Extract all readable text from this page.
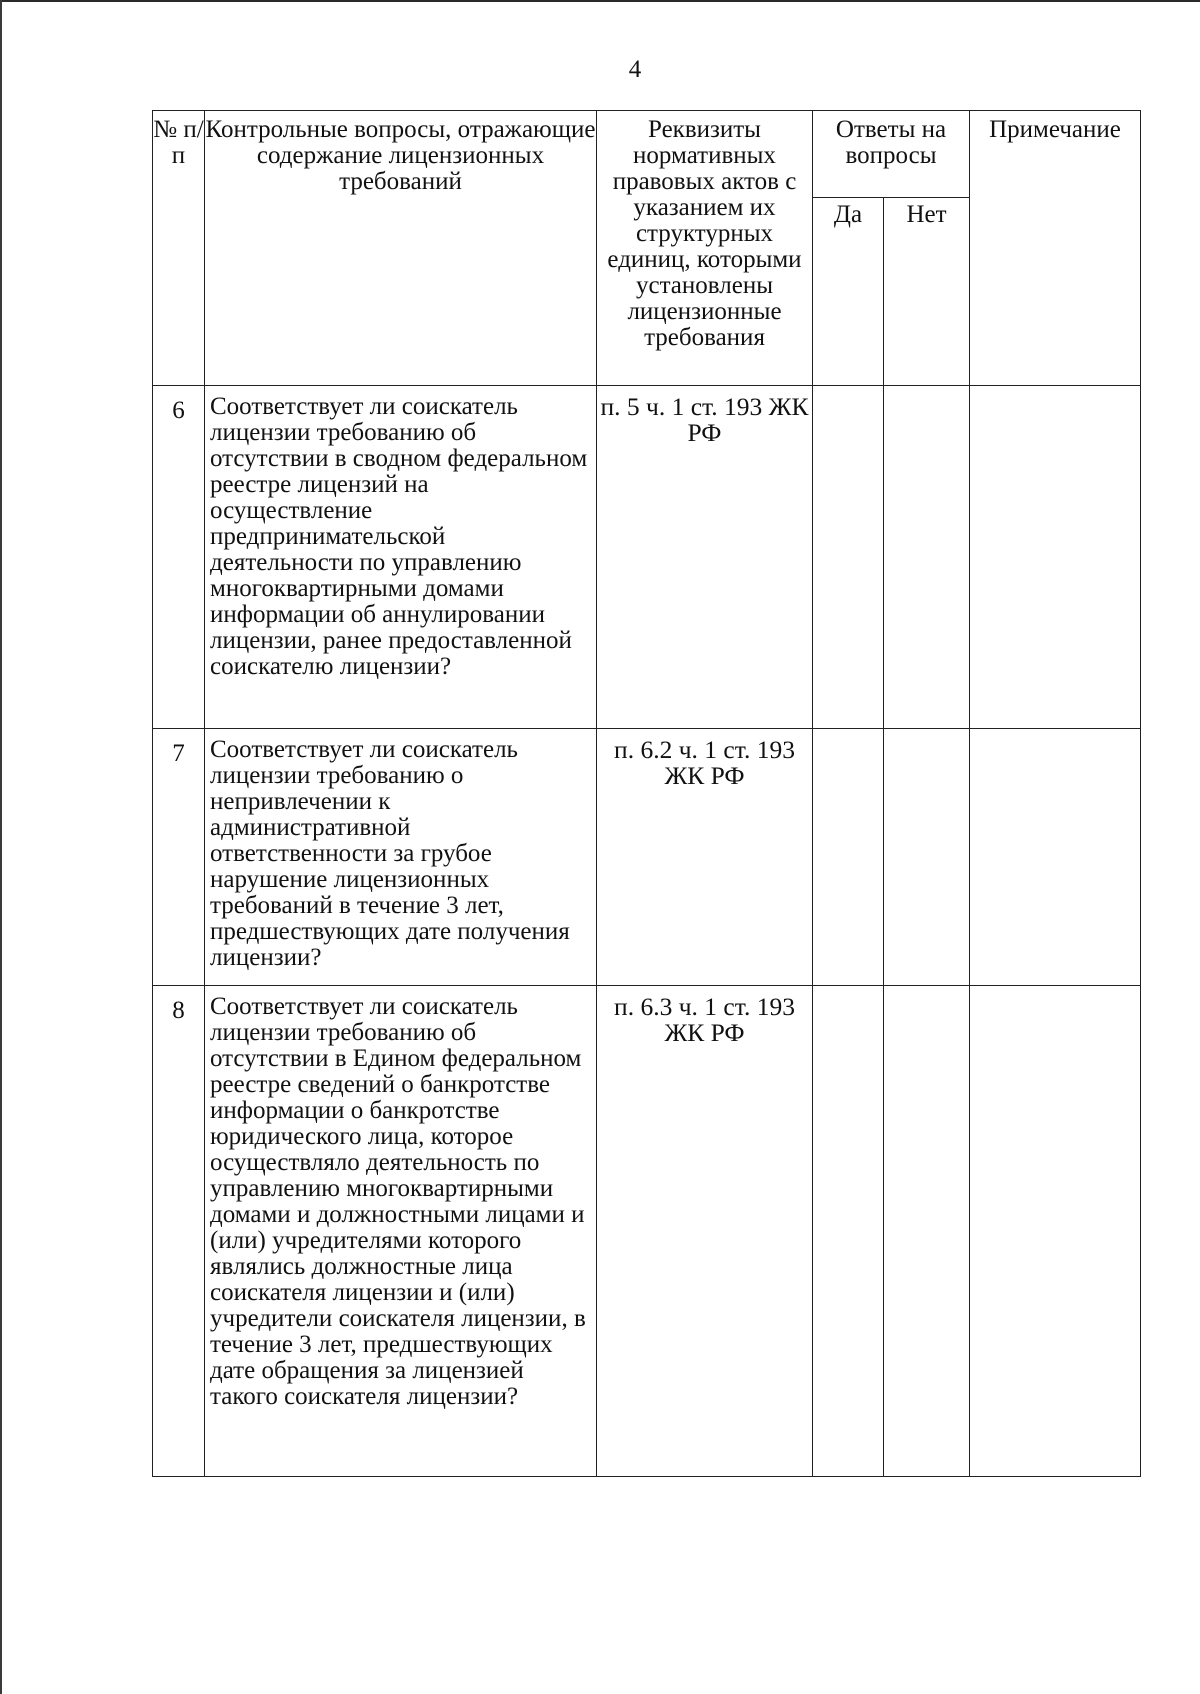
4
№ п/п	Контрольные вопросы, отражающие содержание лицензионных требований	Реквизиты нормативных правовых актов с указанием их структурных единиц, которыми установлены лицензионные требования	Ответы на вопросы		Примечание
			Да	Нет	
6	Соответствует ли соискатель лицензии требованию об отсутствии в сводном федеральном реестре лицензий на осуществление предпринимательской деятельности по управлению многоквартирными домами информации об аннулировании лицензии, ранее предоставленной соискателю лицензии?	п. 5 ч. 1 ст. 193 ЖК РФ			
7	Соответствует ли соискатель лицензии требованию о непривлечении к административной ответственности за грубое нарушение лицензионных требований в течение 3 лет, предшествующих дате получения лицензии?	п. 6.2 ч. 1 ст. 193 ЖК РФ			
8	Соответствует ли соискатель лицензии требованию об отсутствии в Едином федеральном реестре сведений о банкротстве информации о банкротстве юридического лица, которое осуществляло деятельность по управлению многоквартирными домами и должностными лицами и (или) учредителями которого являлись должностные лица соискателя лицензии и (или) учредители соискателя лицензии, в течение 3 лет, предшествующих дате обращения за лицензией такого соискателя лицензии?	п. 6.3 ч. 1 ст. 193 ЖК РФ			
